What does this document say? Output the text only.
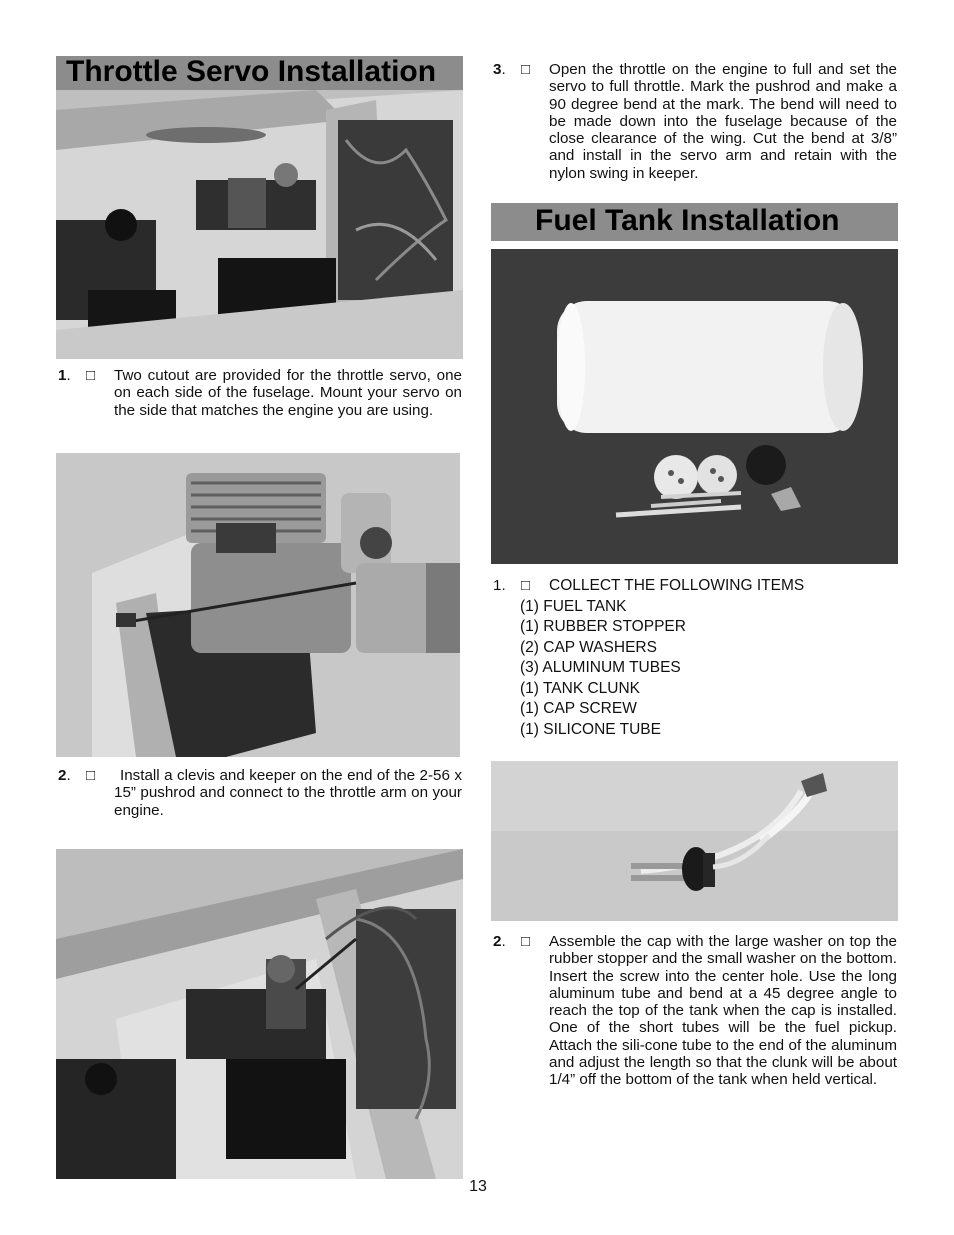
Throttle Servo Installation
1. □ Two cutout are provided for the throttle servo, one on each side of the fuselage. Mount your servo on the side that matches the engine you are using.
2. □	Install a clevis and keeper on the end of the 2-56 x 15” pushrod and connect to the throttle arm on your engine.
13
3. □ Open the throttle on the engine to full and set the servo to full throttle. Mark the pushrod and make a 90 degree bend at the mark. The bend will need to be made down into the fuselage because of the close clearance of the wing. Cut the bend at 3/8” and install in the servo arm and retain with the nylon swing in keeper.
Fuel Tank Installation
1. □ COLLECT THE FOLLOWING ITEMS
(1) FUEL TANK
(1) RUBBER STOPPER
(2) CAP WASHERS
(3) ALUMINUM TUBES
(1) TANK CLUNK
(1) CAP SCREW
(1) SILICONE TUBE
2. □ Assemble the cap with the large washer on top the rubber stopper and the small washer on the bottom. Insert the screw into the center hole. Use the long aluminum tube and bend at a 45 degree angle to reach the top of the tank when the cap is installed. One of the short tubes will be the fuel pickup. Attach the sili-cone tube to the end of the aluminum and adjust the length so that the clunk will be about 1/4” off the bottom of the tank when held vertical.
